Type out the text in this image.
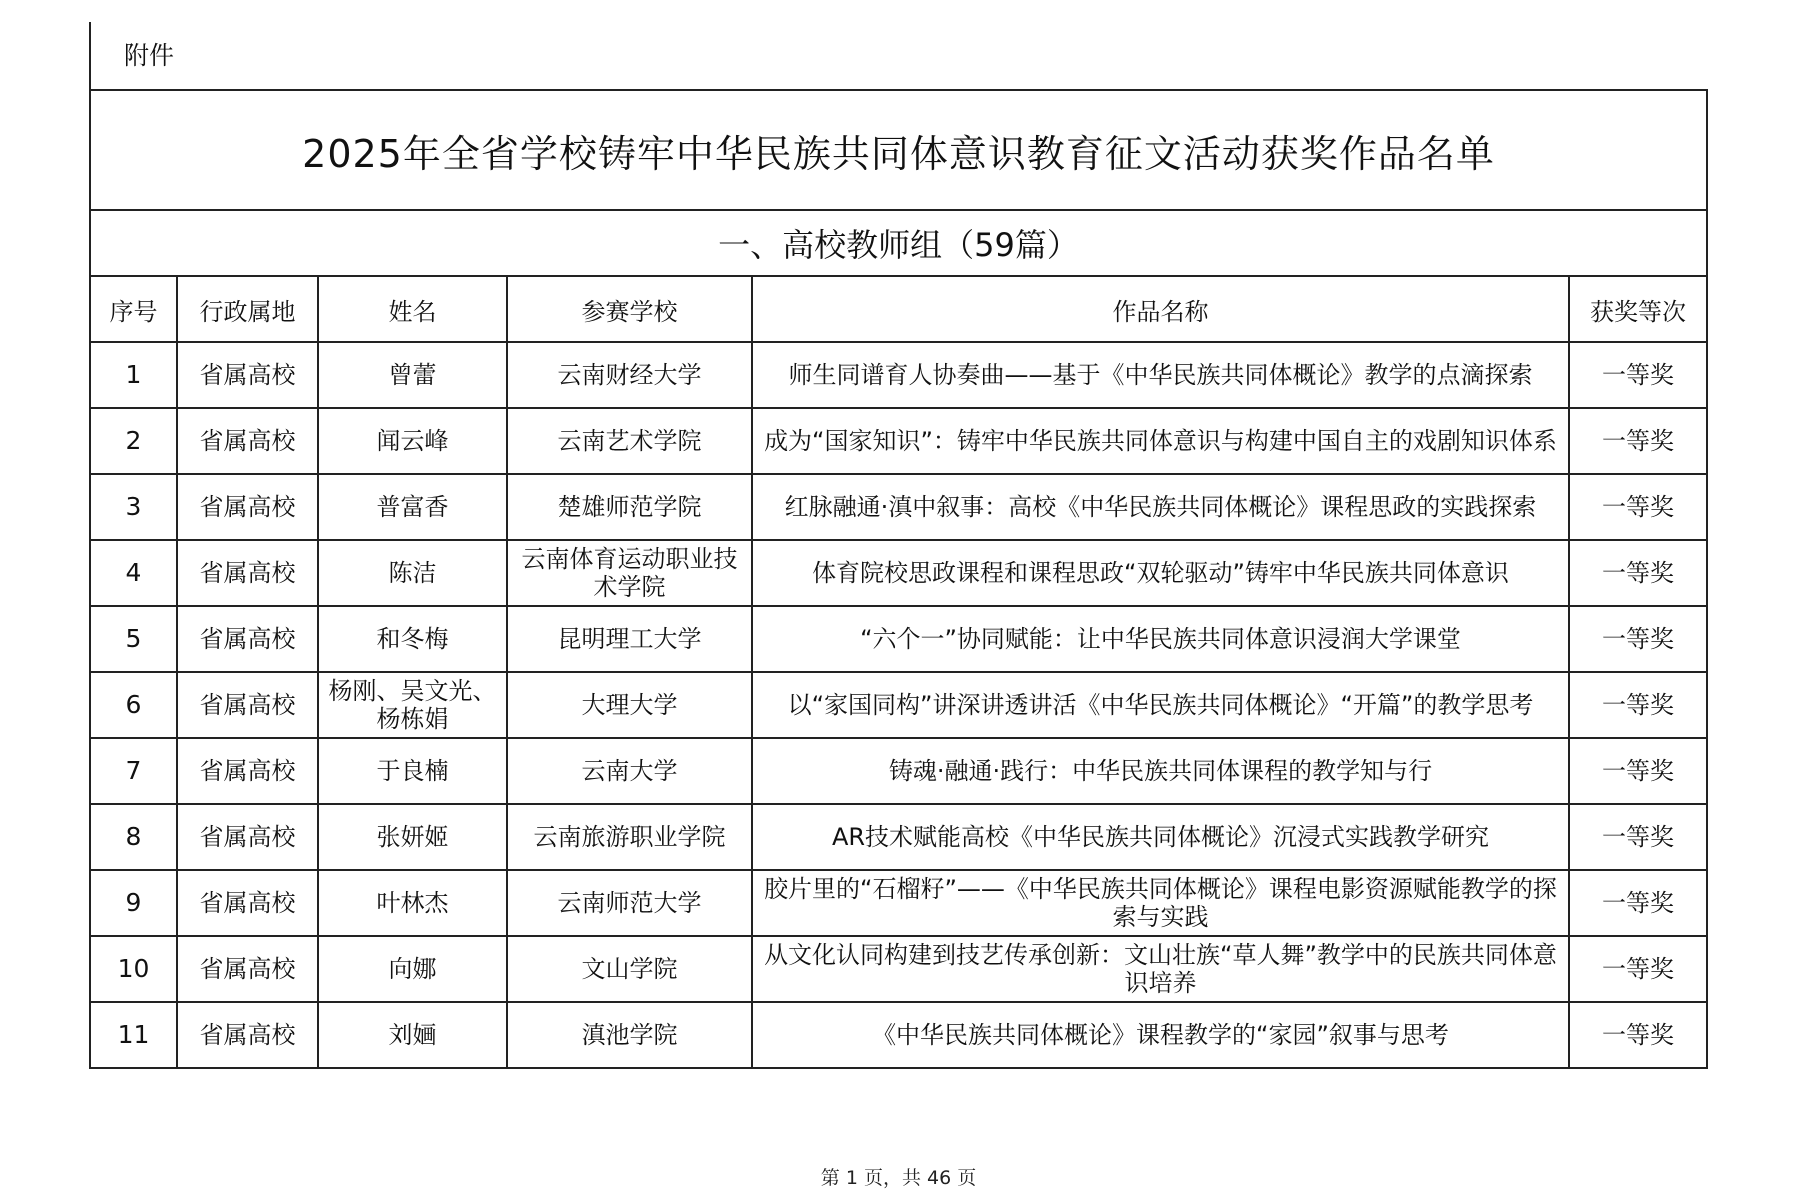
附件
2025年全省学校铸牢中华民族共同体意识教育征文活动获奖作品名单					
一、高校教师组（59篇）					
序号	行政属地	姓名	参赛学校	作品名称	获奖等次
1	省属高校	曾蕾	云南财经大学	师生同谱育人协奏曲——基于《中华民族共同体概论》教学的点滴探索	一等奖
2	省属高校	闻云峰	云南艺术学院	成为“国家知识”：铸牢中华民族共同体意识与构建中国自主的戏剧知识体系	一等奖
3	省属高校	普富香	楚雄师范学院	红脉融通·滇中叙事：高校《中华民族共同体概论》课程思政的实践探索	一等奖
4	省属高校	陈洁	云南体育运动职业技术学院	体育院校思政课程和课程思政“双轮驱动”铸牢中华民族共同体意识	一等奖
5	省属高校	和冬梅	昆明理工大学	“六个一”协同赋能：让中华民族共同体意识浸润大学课堂	一等奖
6	省属高校	杨刚、吴文光、杨栋娟	大理大学	以“家国同构”讲深讲透讲活《中华民族共同体概论》“开篇”的教学思考	一等奖
7	省属高校	于良楠	云南大学	铸魂·融通·践行：中华民族共同体课程的教学知与行	一等奖
8	省属高校	张妍姬	云南旅游职业学院	AR技术赋能高校《中华民族共同体概论》沉浸式实践教学研究	一等奖
9	省属高校	叶林杰	云南师范大学	胶片里的“石榴籽”——《中华民族共同体概论》课程电影资源赋能教学的探索与实践	一等奖
10	省属高校	向娜	文山学院	从文化认同构建到技艺传承创新：文山壮族“草人舞”教学中的民族共同体意识培养	一等奖
11	省属高校	刘婳	滇池学院	《中华民族共同体概论》课程教学的“家园”叙事与思考	一等奖
第 1 页，共 46 页
